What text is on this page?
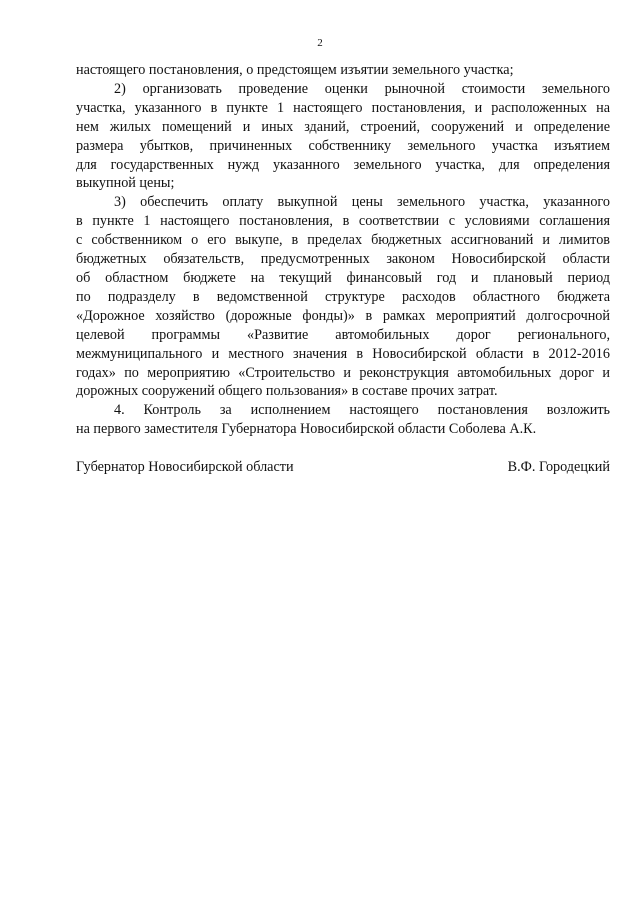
2
настоящего постановления, о предстоящем изъятии земельного участка;
2) организовать проведение оценки рыночной стоимости земельного
участка, указанного в пункте 1 настоящего постановления, и расположенных на
нем жилых помещений и иных зданий, строений, сооружений и определение
размера убытков, причиненных собственнику земельного участка изъятием
для государственных нужд указанного земельного участка, для определения
выкупной цены;
3) обеспечить оплату выкупной цены земельного участка, указанного
в пункте 1 настоящего постановления, в соответствии с условиями соглашения
с собственником о его выкупе, в пределах бюджетных ассигнований и лимитов
бюджетных обязательств, предусмотренных законом Новосибирской области
об областном бюджете на текущий финансовый год и плановый период
по подразделу в ведомственной структуре расходов областного бюджета
«Дорожное хозяйство (дорожные фонды)» в рамках мероприятий долгосрочной
целевой программы «Развитие автомобильных дорог регионального,
межмуниципального и местного значения в Новосибирской области в 2012-2016
годах» по мероприятию «Строительство и реконструкция автомобильных дорог и
дорожных сооружений общего пользования» в составе прочих затрат.
4. Контроль за исполнением настоящего постановления возложить
на первого заместителя Губернатора Новосибирской области Соболева А.К.
Губернатор Новосибирской области	В.Ф. Городецкий
